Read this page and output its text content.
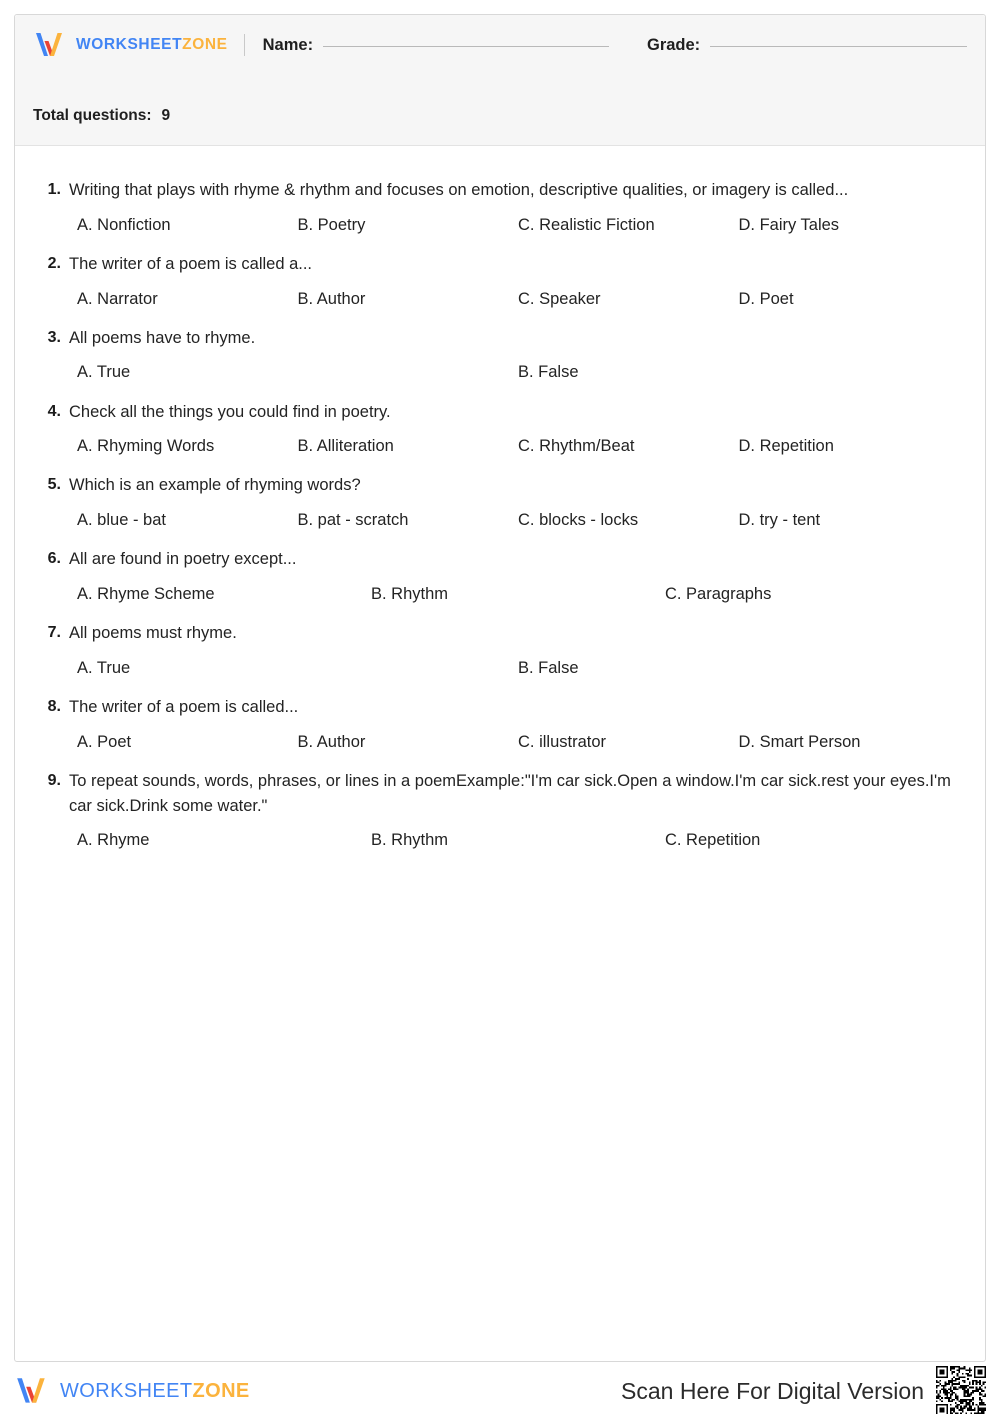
WORKSHEETZONE Name:	Grade:
Total questions: 9
1. Writing that plays with rhyme & rhythm and focuses on emotion, descriptive qualities, or imagery is called...
A. Nonfiction	B. Poetry	C. Realistic Fiction	D. Fairy Tales
2. The writer of a poem is called a...
A. Narrator	B. Author	C. Speaker	D. Poet
3. All poems have to rhyme.
A. True	B. False
4. Check all the things you could find in poetry.
A. Rhyming Words	B. Alliteration	C. Rhythm/Beat	D. Repetition
5. Which is an example of rhyming words?
A. blue - bat	B. pat - scratch	C. blocks - locks	D. try - tent
6. All are found in poetry except...
A. Rhyme Scheme	B. Rhythm	C. Paragraphs
7. All poems must rhyme.
A. True	B. False
8. The writer of a poem is called...
A. Poet	B. Author	C. illustrator	D. Smart Person
9. To repeat sounds, words, phrases, or lines in a poemExample:"I'm car sick.Open a window.I'm car sick.rest your eyes.I'm car sick.Drink some water."
A. Rhyme	B. Rhythm	C. Repetition
WORKSHEETZONE	Scan Here For Digital Version
